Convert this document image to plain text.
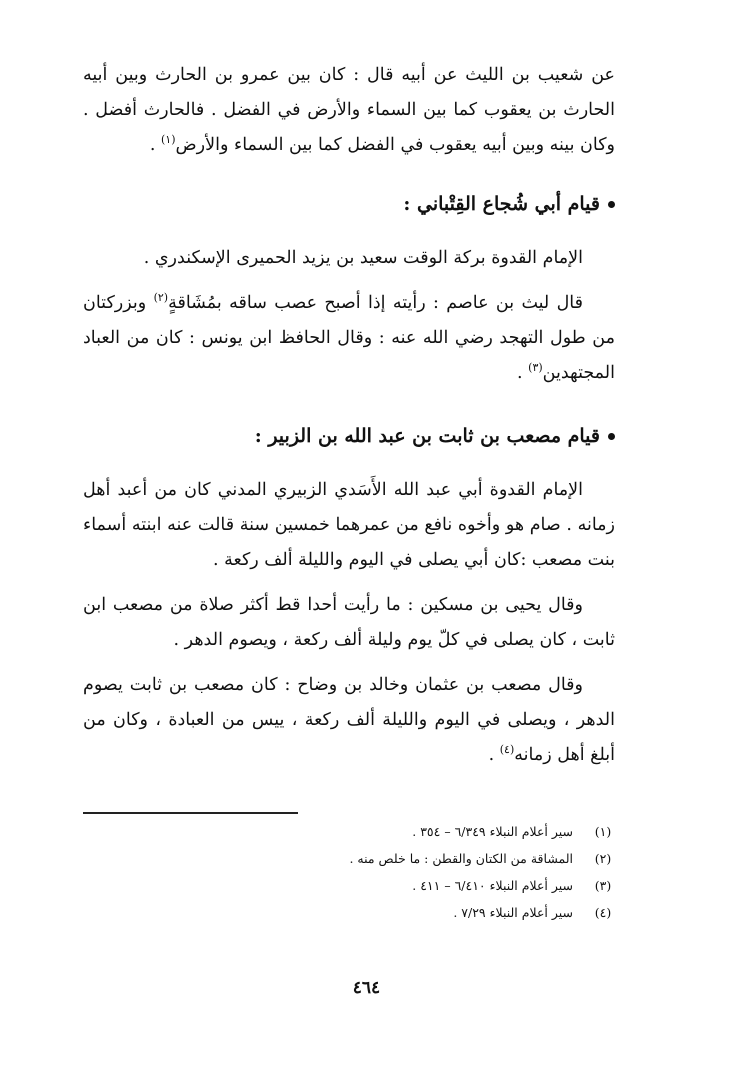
عن شعيب بن الليث عن أبيه قال : كان بين عمرو بن الحارث وبين أبيه الحارث بن يعقوب كما بين السماء والأرض في الفضل . فالحارث أفضل . وكان بينه وبين أبيه يعقوب في الفضل كما بين السماء والأرض$^{(١)}$ .

قيام أبي شُجاع القِتْباني :

الإمام القدوة بركة الوقت سعيد بن يزيد الحميرى الإسكندري .

قال ليث بن عاصم : رأيته إذا أصبح عصب ساقه بمُشَاقةٍ$^{(٢)}$ وبزركتان من طول التهجد رضي الله عنه : وقال الحافظ ابن يونس : كان من العباد المجتهدين$^{(٣)}$ .

قيام مصعب بن ثابت بن عبد الله بن الزبير :

الإمام القدوة أبي عبد الله الأَسَدي الزبيري المدني كان من أعبد أهل زمانه . صام هو وأخوه نافع من عمرهما خمسين سنة قالت عنه ابنته أسماء بنت مصعب :كان أبي يصلى في اليوم والليلة ألف ركعة .

وقال يحيى بن مسكين : ما رأيت أحدا قط أكثر صلاة من مصعب ابن ثابت ، كان يصلى في كلّ يوم وليلة ألف ركعة ، ويصوم الدهر .

وقال مصعب بن عثمان وخالد بن وضاح : كان مصعب بن ثابت يصوم الدهر ، ويصلى في اليوم والليلة ألف ركعة ، ييس من العبادة ، وكان من أبلغ أهل زمانه$^{(٤)}$ .

(١)
سير أعلام النبلاء ٦/٣٤٩ – ٣٥٤ .
(٢)
المشاقة من الكتان والقطن : ما خلص منه .
(٣)
سير أعلام النبلاء ٦/٤١٠ – ٤١١ .
(٤)
سير أعلام النبلاء ٧/٢٩ .
٤٦٤
